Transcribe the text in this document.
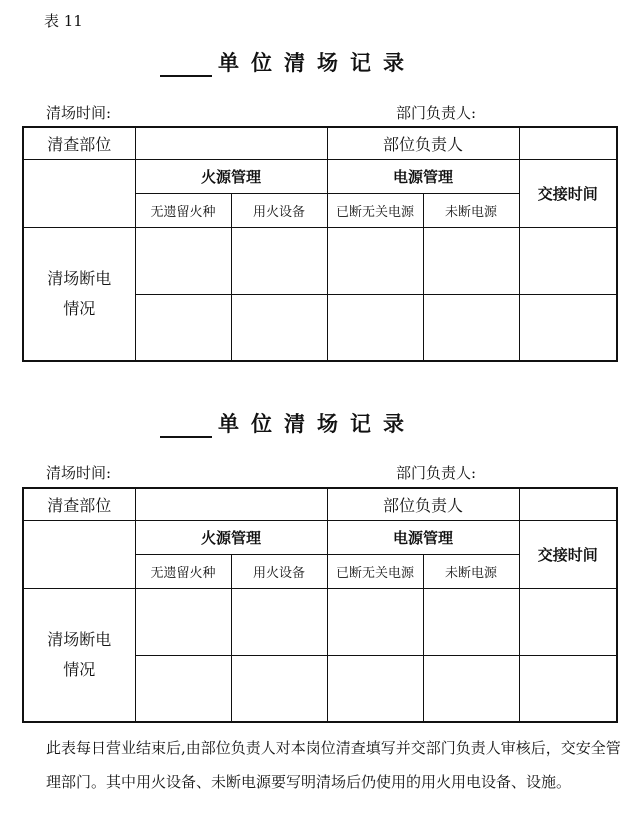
表 11
单位清场记录
清场时间:	部门负责人:
清查部位			部位负责人		
	火源管理		电源管理		交接时间
	无遗留火种	用火设备	已断无关电源	未断电源	
清场断电
情况					

单位清场记录
清场时间:	部门负责人:
清查部位			部位负责人		
	火源管理		电源管理		交接时间
	无遗留火种	用火设备	已断无关电源	未断电源	
清场断电
情况					

此表每日营业结束后,由部位负责人对本岗位清查填写并交部门负责人审核后，交安全管理部门。其中用火设备、未断电源要写明清场后仍使用的用火用电设备、设施。
